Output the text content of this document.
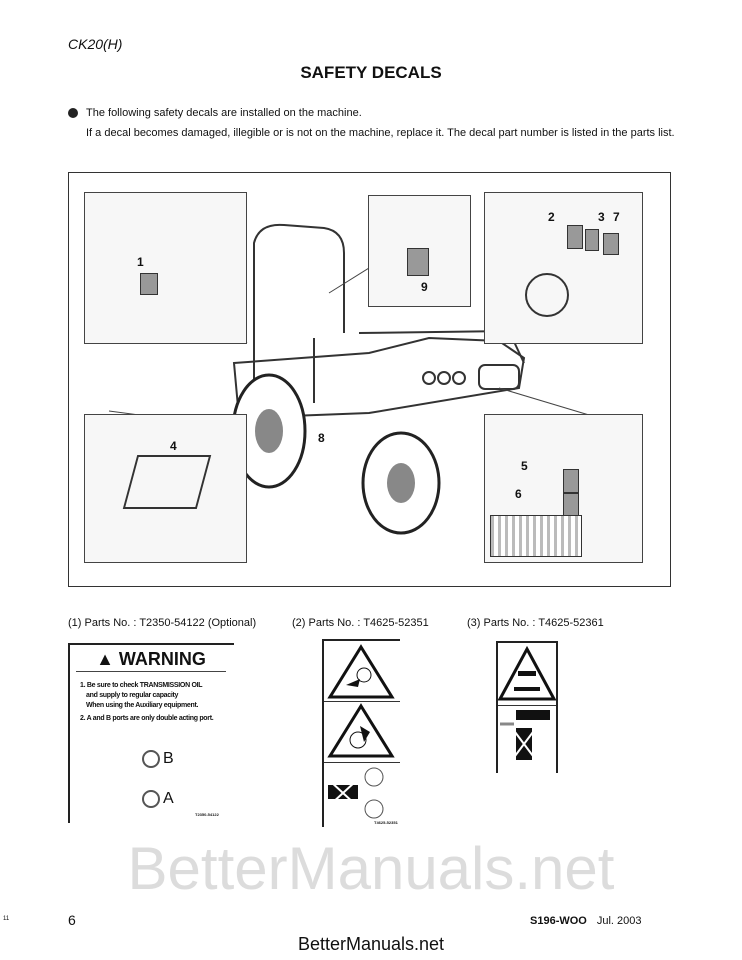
CK20(H)
SAFETY DECALS
The following safety decals are installed on the machine.
If a decal becomes damaged, illegible or is not on the machine, replace it. The decal part number is listed in the parts list.
1
9
2	3 7
4
8
5
6
(1) Parts No. : T2350-54122 (Optional)	(2) Parts No. : T4625-52351	(3) Parts No. : T4625-52361
▲ WARNING
1. Be sure to check TRANSMISSION OIL
and supply to regular capacity
When using the Auxiliary equipment.
2. A and B ports are only double acting port.
B
A
T2350-54122
T4625-52351
BetterManuals.net
11	6	S196-WOO Jul. 2003
BetterManuals.net
